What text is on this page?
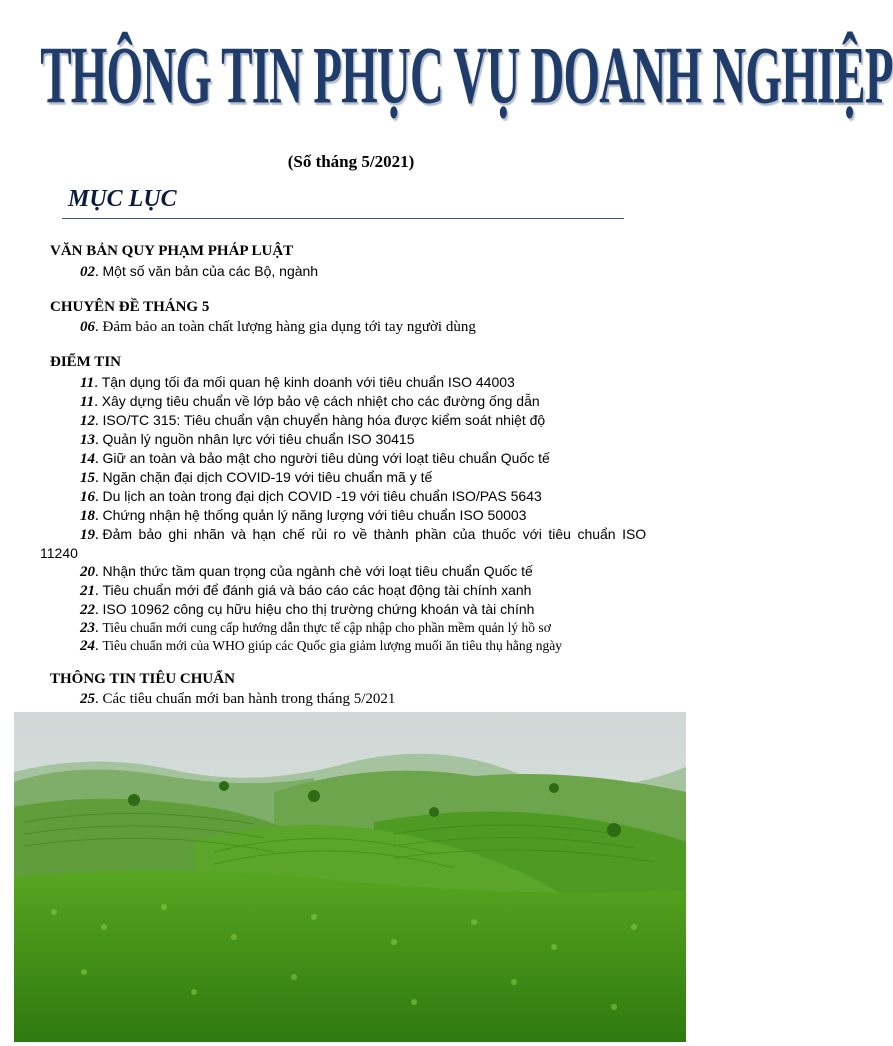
THÔNG TIN PHỤC VỤ DOANH NGHIỆP
(Số tháng 5/2021)
MỤC LỤC
VĂN BẢN QUY PHẠM PHÁP LUẬT
02. Một số văn bản của các Bộ, ngành
CHUYÊN ĐỀ THÁNG 5
06. Đảm bảo an toàn chất lượng hàng gia dụng tới tay người dùng
ĐIỂM TIN
11. Tận dụng tối đa mối quan hệ kinh doanh với tiêu chuẩn ISO 44003
11. Xây dựng tiêu chuẩn về lớp bảo vệ cách nhiệt cho các đường ống dẫn
12. ISO/TC 315: Tiêu chuẩn vận chuyển hàng hóa được kiểm soát nhiệt độ
13. Quản lý nguồn nhân lực với tiêu chuẩn ISO 30415
14. Giữ an toàn và bảo mật cho người tiêu dùng với loạt tiêu chuẩn Quốc tế
15. Ngăn chặn đại dịch COVID-19 với tiêu chuẩn mã y tế
16. Du lịch an toàn trong đại dịch COVID -19 với tiêu chuẩn ISO/PAS 5643
18. Chứng nhận hệ thống quản lý năng lượng với tiêu chuẩn ISO 50003
19. Đảm bảo ghi nhãn và hạn chế rủi ro về thành phần của thuốc với tiêu chuẩn ISO
11240
20. Nhận thức tầm quan trọng của ngành chè với loạt tiêu chuẩn Quốc tế
21. Tiêu chuẩn mới để đánh giá và báo cáo các hoạt động tài chính xanh
22. ISO 10962 công cụ hữu hiệu cho thị trường chứng khoán và tài chính
23. Tiêu chuẩn mới cung cấp hướng dẫn thực tế cập nhập cho phần mềm quản lý hồ sơ
24. Tiêu chuẩn mới của WHO giúp các Quốc gia giảm lượng muối ăn tiêu thụ hằng ngày
THÔNG TIN TIÊU CHUẨN
25. Các tiêu chuẩn mới ban hành trong tháng 5/2021
